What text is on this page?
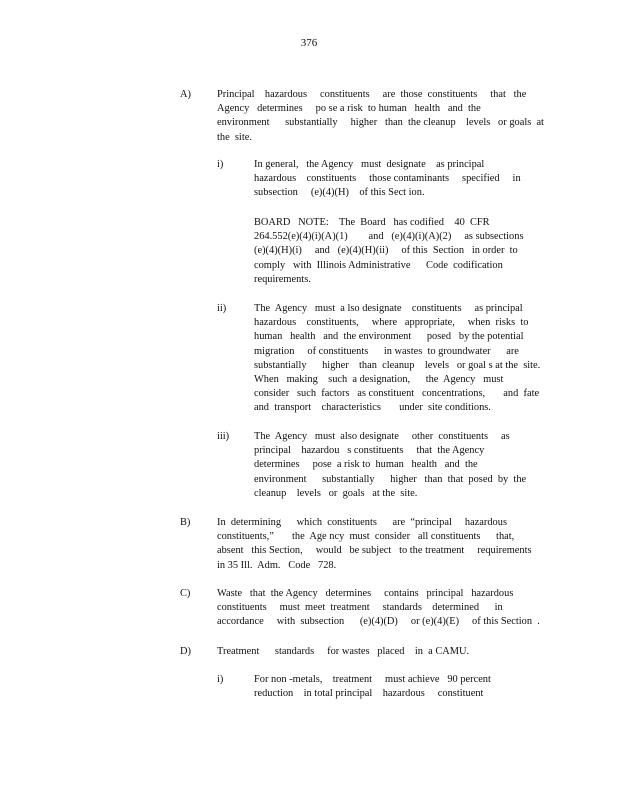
376
A)	Principal    hazardous     constituents     are  those  constituents     that   the
Agency   determines     po se a risk  to human   health   and  the
environment      substantially     higher   than  the cleanup    levels   or goals  at
the  site.
i)	In general,   the Agency   must  designate    as principal
hazardous    constituents     those contaminants     specified     in
subsection     (e)(4)(H)    of this Sect ion.
BOARD   NOTE:    The  Board   has codified    40  CFR
264.552(e)(4)(i)(A)(1)        and   (e)(4)(i)(A)(2)     as subsections
(e)(4)(H)(i)     and   (e)(4)(H)(ii)     of this  Section   in order  to
comply   with  Illinois Administrative      Code  codification
requirements.
ii)	The  Agency   must  a lso designate    constituents     as principal
hazardous    constituents,     where   appropriate,     when  risks  to
human   health   and  the environment      posed   by the potential
migration     of constituents      in wastes  to groundwater      are
substantially      higher    than  cleanup    levels   or goal s at the  site.
When   making    such  a designation,      the  Agency   must
consider   such  factors   as constituent   concentrations,       and  fate
and  transport    characteristics       under  site conditions.
iii) The  Agency   must  also designate     other  constituents     as
principal    hazardou   s constituents     that  the Agency
determines     pose  a risk to  human   health   and  the
environment      substantially      higher   than  that  posed  by  the
cleanup    levels   or  goals   at the  site.
B)	In  determining      which  constituents      are  “principal     hazardous
constituents,”       the  Age ncy  must  consider   all constituents      that,
absent   this Section,     would   be subject   to the treatment     requirements
in 35 Ill.  Adm.   Code   728.
C)	Waste   that  the Agency   determines     contains   principal   hazardous
constituents     must  meet  treatment     standards    determined      in
accordance     with  subsection      (e)(4)(D)     or (e)(4)(E)     of this Section  .
D)	Treatment      standards     for wastes   placed    in  a CAMU.
i)	For non -metals,    treatment     must achieve   90 percent
reduction    in total principal    hazardous     constituent
